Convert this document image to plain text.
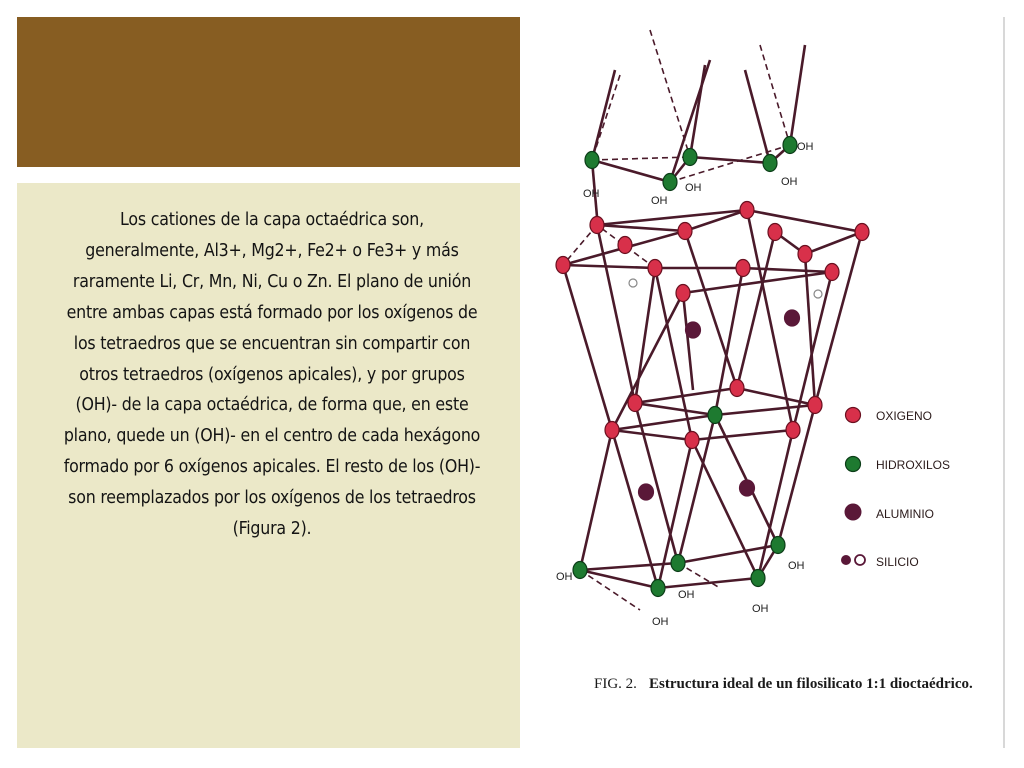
Los cationes de la capa octaédrica son, generalmente, Al3+, Mg2+, Fe2+ o Fe3+ y más raramente Li, Cr, Mn, Ni, Cu o Zn. El plano de unión entre ambas capas está formado por los oxígenos de los tetraedros que se encuentran sin compartir con otros tetraedros (oxígenos apicales), y por grupos (OH)- de la capa octaédrica, de forma que, en este plano, quede un (OH)- en el centro de cada hexágono formado por 6 oxígenos apicales. El resto de los (OH)- son reemplazados por los oxígenos de los tetraedros (Figura 2).

OH
OH
OH	OH
OH
OH
OH
OH
OH
OH
OXIGENO
HIDROXILOS
ALUMINIO
SILICIO
FIG. 2. Estructura ideal de un filosilicato 1:1 dioctaédrico.
